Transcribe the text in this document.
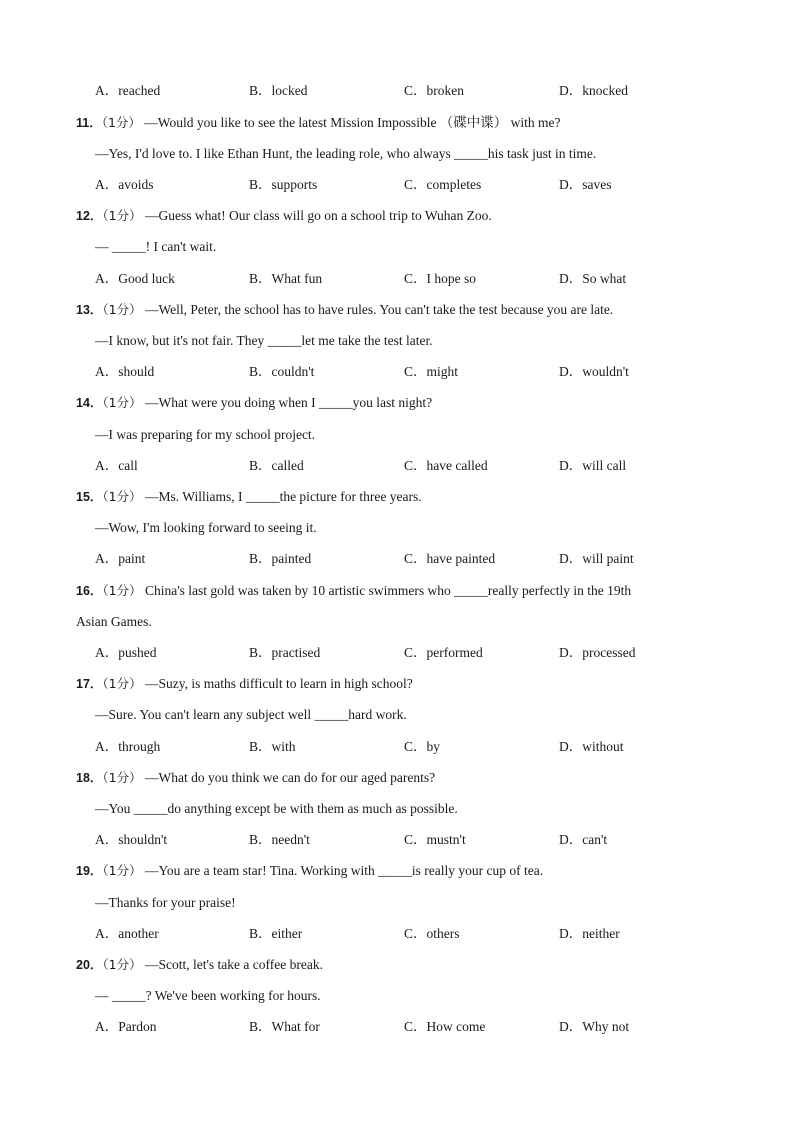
A．reached	B．locked	C．broken	D．knocked
11．（1分） —Would you like to see the latest Mission Impossible （碟中谍） with me?
—Yes, I'd love to. I like Ethan Hunt, the leading role, who always _____his task just in time.
A．avoids	B．supports	C．completes	D．saves
12．（1分） —Guess what! Our class will go on a school trip to Wuhan Zoo.
— _____! I can't wait.
A．Good luck	B．What fun	C．I hope so	D．So what
13．（1分） —Well, Peter, the school has to have rules. You can't take the test because you are late.
—I know, but it's not fair. They _____let me take the test later.
A．should	B．couldn't	C．might	D．wouldn't
14．（1分） —What were you doing when I _____you last night?
—I was preparing for my school project.
A．call	B．called	C．have called	D．will call
15．（1分） —Ms. Williams, I _____the picture for three years.
—Wow, I'm looking forward to seeing it.
A．paint	B．painted	C．have painted	D．will paint
16．（1分） China's last gold was taken by 10 artistic swimmers who _____really perfectly in the 19th
Asian Games.
A．pushed	B．practised	C．performed	D．processed
17．（1分） —Suzy, is maths difficult to learn in high school?
—Sure. You can't learn any subject well _____hard work.
A．through	B．with	C．by	D．without
18．（1分） —What do you think we can do for our aged parents?
—You _____do anything except be with them as much as possible.
A．shouldn't	B．needn't	C．mustn't	D．can't
19．（1分） —You are a team star! Tina. Working with _____is really your cup of tea.
—Thanks for your praise!
A．another	B．either	C．others	D．neither
20．（1分） —Scott, let's take a coffee break.
— _____? We've been working for hours.
A．Pardon	B．What for	C．How come	D．Why not
